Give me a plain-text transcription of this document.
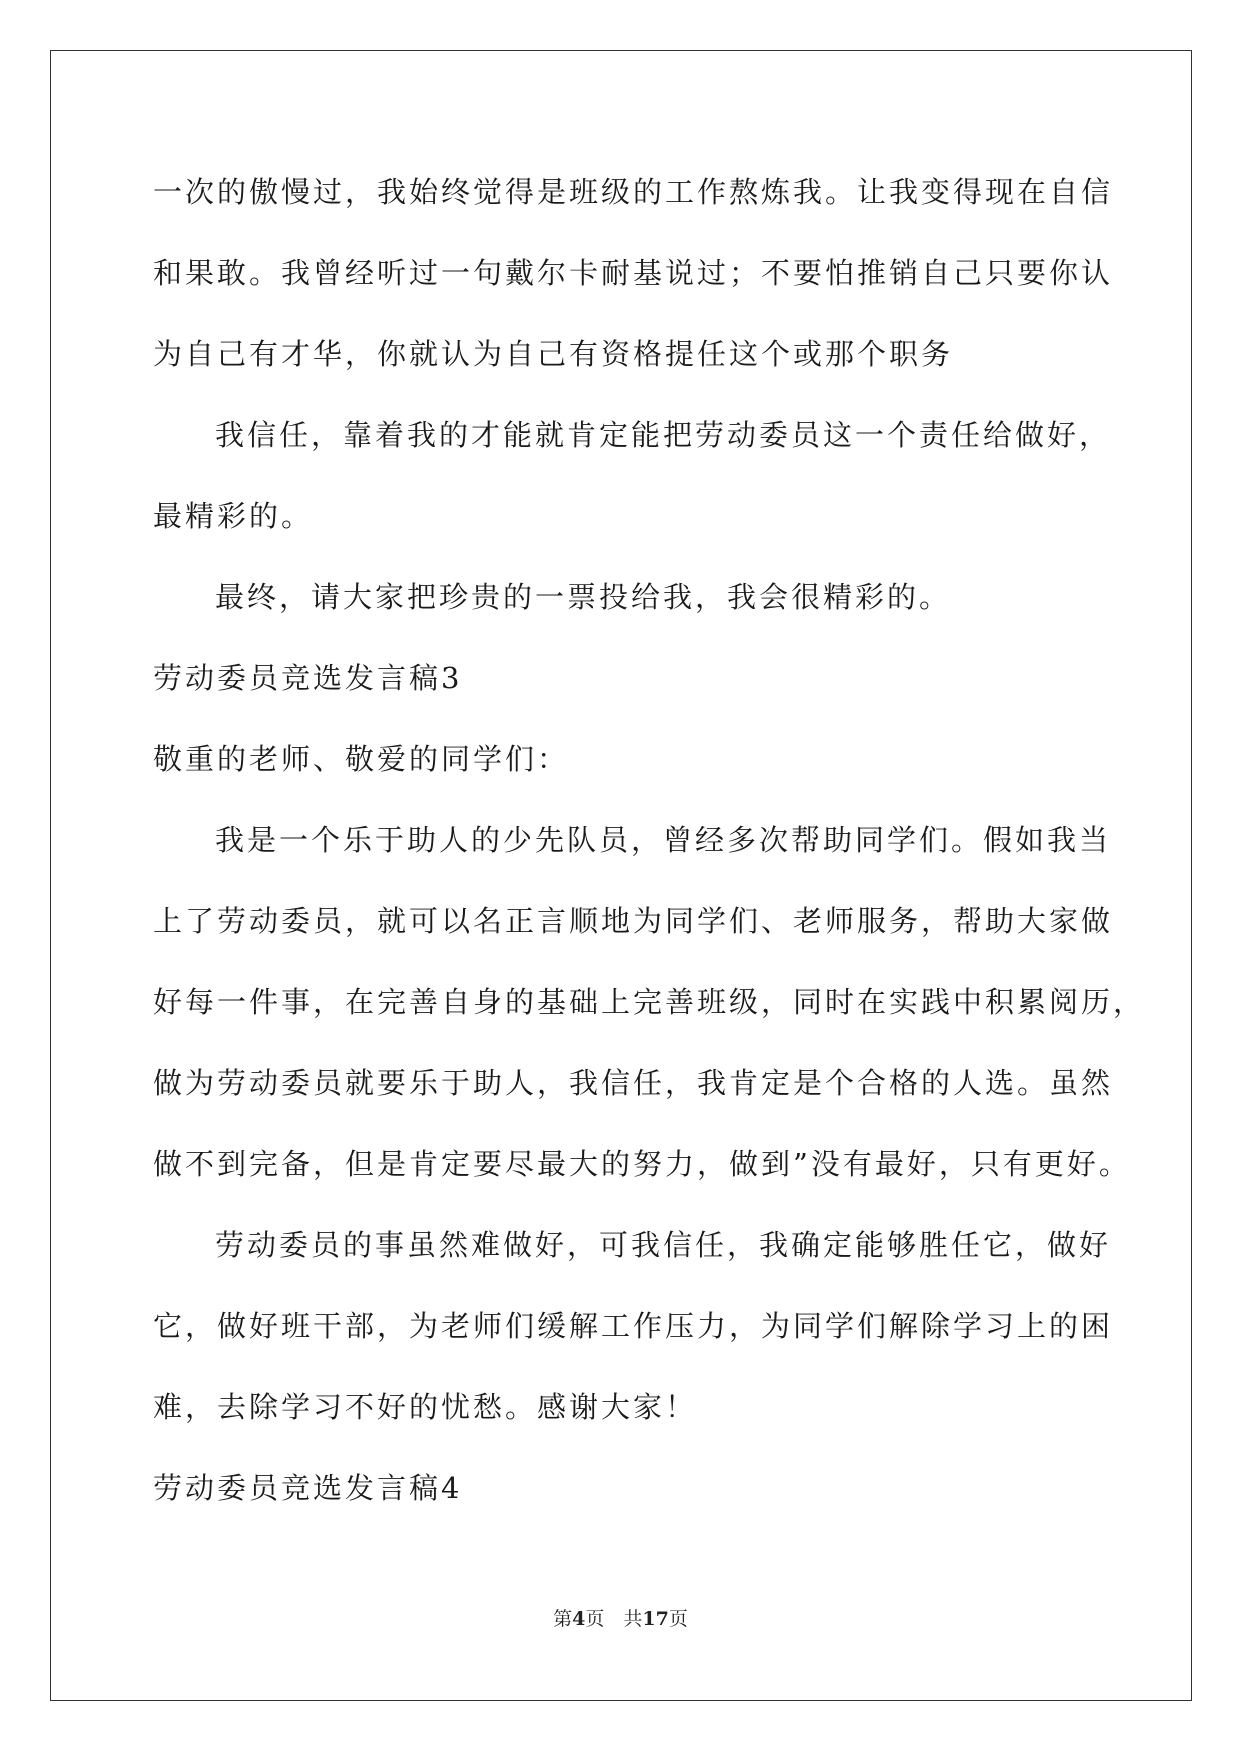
一次的傲慢过，我始终觉得是班级的工作熬炼我。让我变得现在自信
和果敢。我曾经听过一句戴尔卡耐基说过；不要怕推销自己只要你认
为自己有才华，你就认为自己有资格提任这个或那个职务
我信任，靠着我的才能就肯定能把劳动委员这一个责任给做好，
最精彩的。
最终，请大家把珍贵的一票投给我，我会很精彩的。
劳动委员竞选发言稿3
敬重的老师、敬爱的同学们：
我是一个乐于助人的少先队员，曾经多次帮助同学们。假如我当
上了劳动委员，就可以名正言顺地为同学们、老师服务，帮助大家做
好每一件事，在完善自身的基础上完善班级，同时在实践中积累阅历，
做为劳动委员就要乐于助人，我信任，我肯定是个合格的人选。虽然
做不到完备，但是肯定要尽最大的努力，做到”没有最好，只有更好。
劳动委员的事虽然难做好，可我信任，我确定能够胜任它，做好
它，做好班干部，为老师们缓解工作压力，为同学们解除学习上的困
难，去除学习不好的忧愁。感谢大家！
劳动委员竞选发言稿4
第4页　共17页
